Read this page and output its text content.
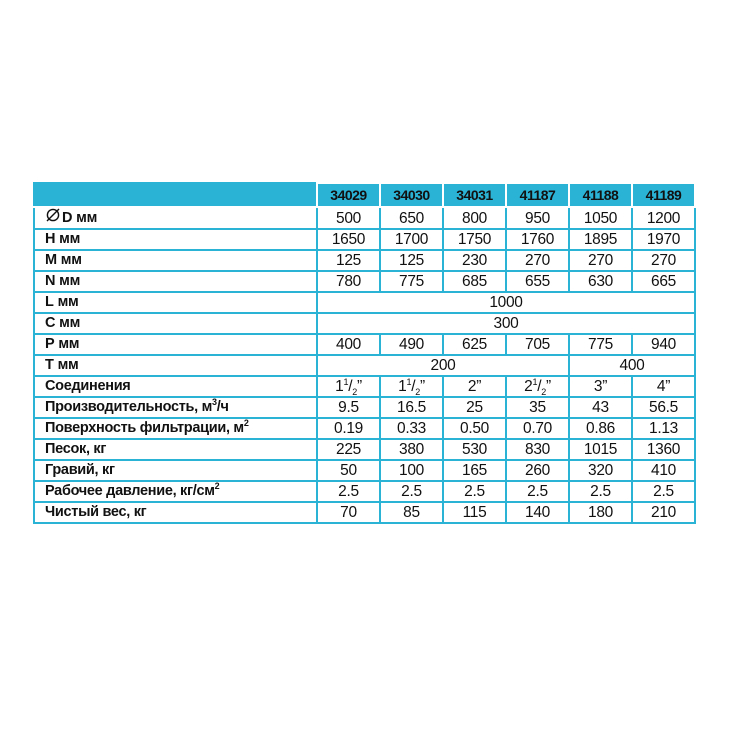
	34029	34030	34031	41187	41188	41189
D мм	500	650	800	950	1050	1200
H мм	1650	1700	1750	1760	1895	1970
M мм	125	125	230	270	270	270
N мм	780	775	685	655	630	665
L мм	1000					
C мм	300					
P мм	400	490	625	705	775	940
T мм	200				400	
Соединения	$1^1/_2$”	$1^1/_2$”	2”	$2^1/_2$”	3”	4”
Производительность, $м^3/ч$	9.5	16.5	25	35	43	56.5
Поверхность фильтрации, $м^2$	0.19	0.33	0.50	0.70	0.86	1.13
Песок, кг	225	380	530	830	1015	1360
Гравий, кг	50	100	165	260	320	410
Рабочее давление, $кг/см^2$	2.5	2.5	2.5	2.5	2.5	2.5
Чистый вес, кг	70	85	115	140	180	210
